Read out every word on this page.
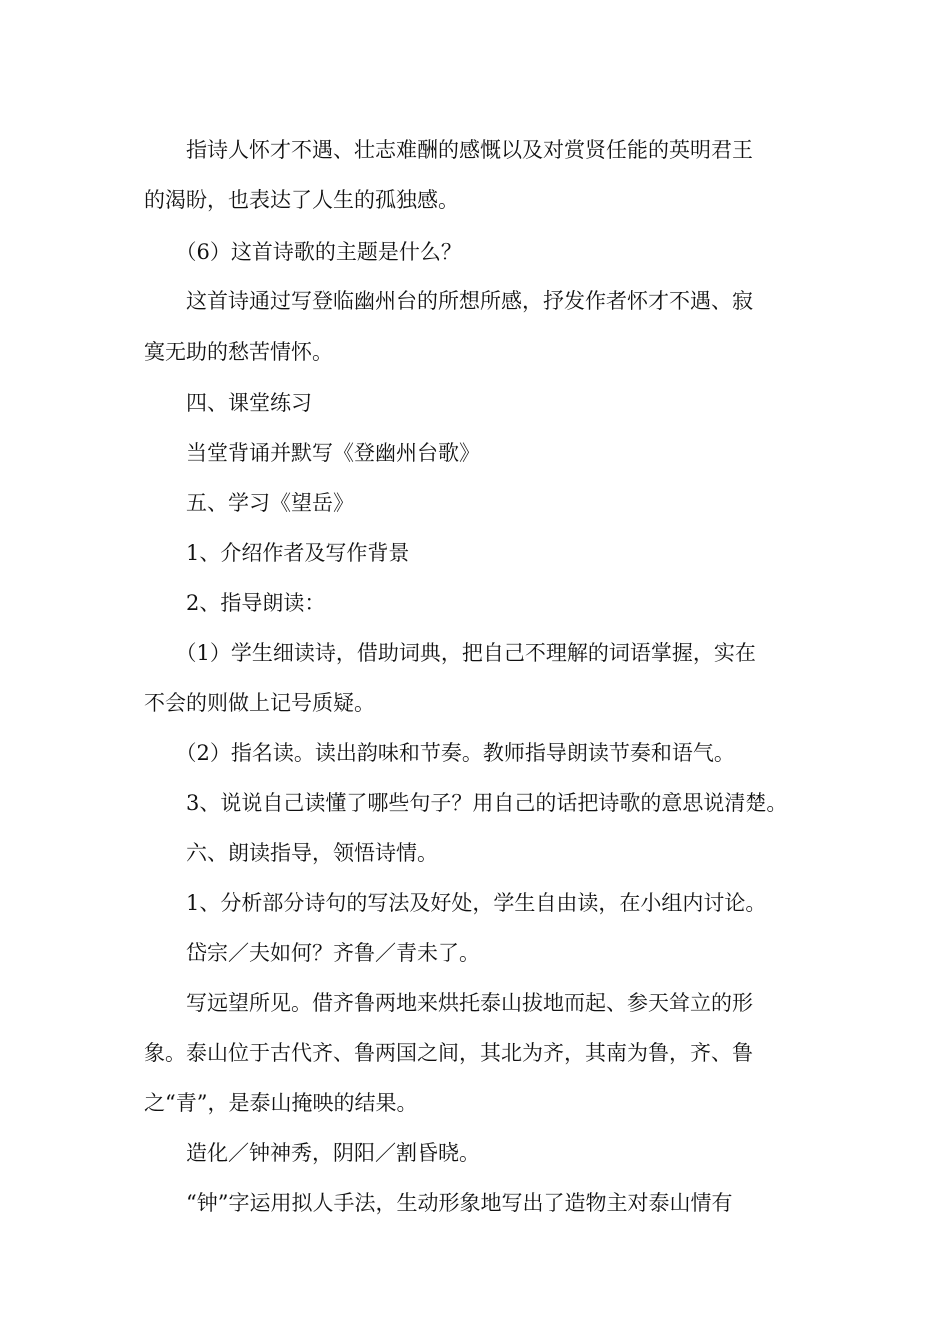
　　指诗人怀才不遇、壮志难酬的感慨以及对赏贤任能的英明君王
的渴盼，也表达了人生的孤独感。
　　（6）这首诗歌的主题是什么？
　　这首诗通过写登临幽州台的所想所感，抒发作者怀才不遇、寂
寞无助的愁苦情怀。
　　四、课堂练习
　　当堂背诵并默写《登幽州台歌》
　　五、学习《望岳》
　　1、介绍作者及写作背景
　　2、指导朗读：
　　（1）学生细读诗，借助词典，把自己不理解的词语掌握，实在
不会的则做上记号质疑。
　　（2）指名读。读出韵味和节奏。教师指导朗读节奏和语气。
　　3、说说自己读懂了哪些句子？用自己的话把诗歌的意思说清楚。
　　六、朗读指导，领悟诗情。
　　1、分析部分诗句的写法及好处，学生自由读，在小组内讨论。
　　岱宗／夫如何？齐鲁／青未了。
　　写远望所见。借齐鲁两地来烘托泰山拔地而起、参天耸立的形
象。泰山位于古代齐、鲁两国之间，其北为齐，其南为鲁，齐、鲁
之“青”，是泰山掩映的结果。
　　造化／钟神秀，阴阳／割昏晓。
　　“钟”字运用拟人手法，生动形象地写出了造物主对泰山情有
